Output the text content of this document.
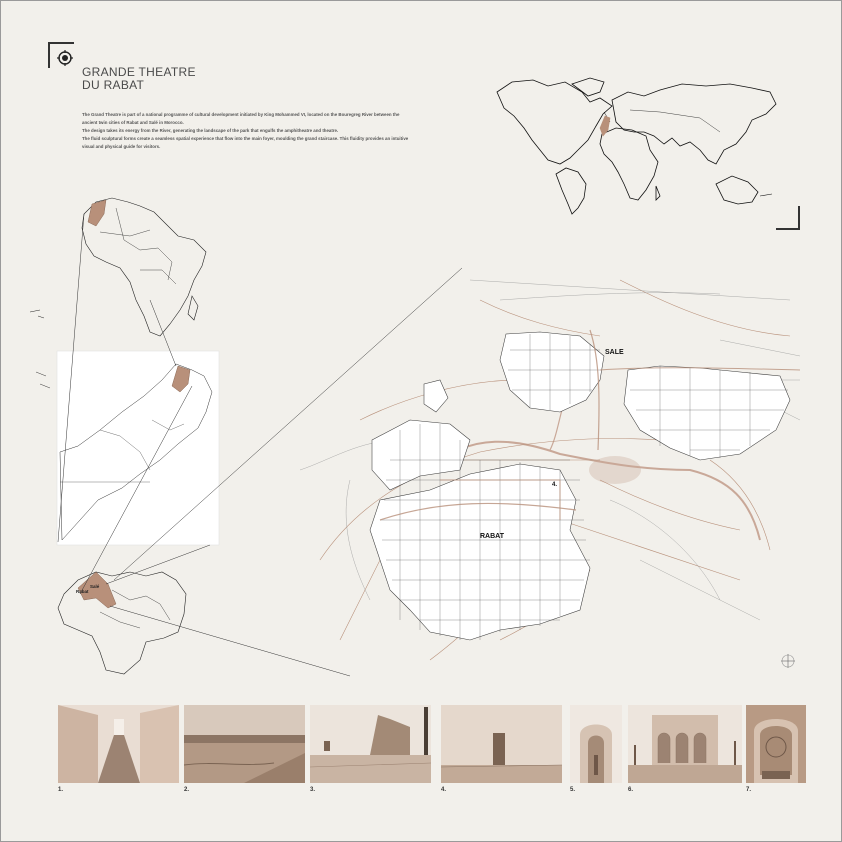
GRANDE THEATRE
DU RABAT

The Grand Theatre is part of a national programme of cultural development initiated by King Mohammed VI, located on the Bouregreg River between the ancient twin cities of Rabat and Salé in Morocco.

The design takes its energy from the River, generating the landscape of the park that engulfs the amphitheatre and theatre.

The fluid sculptural forms create a seamless spatial experience that flow into the main foyer, moulding the grand staircase. This fluidity provides an intuitive visual and physical guide for visitors.

Salé
Rabat
SALE
RABAT
4.
1.	2.	3.	4.	5.	6.	7.
